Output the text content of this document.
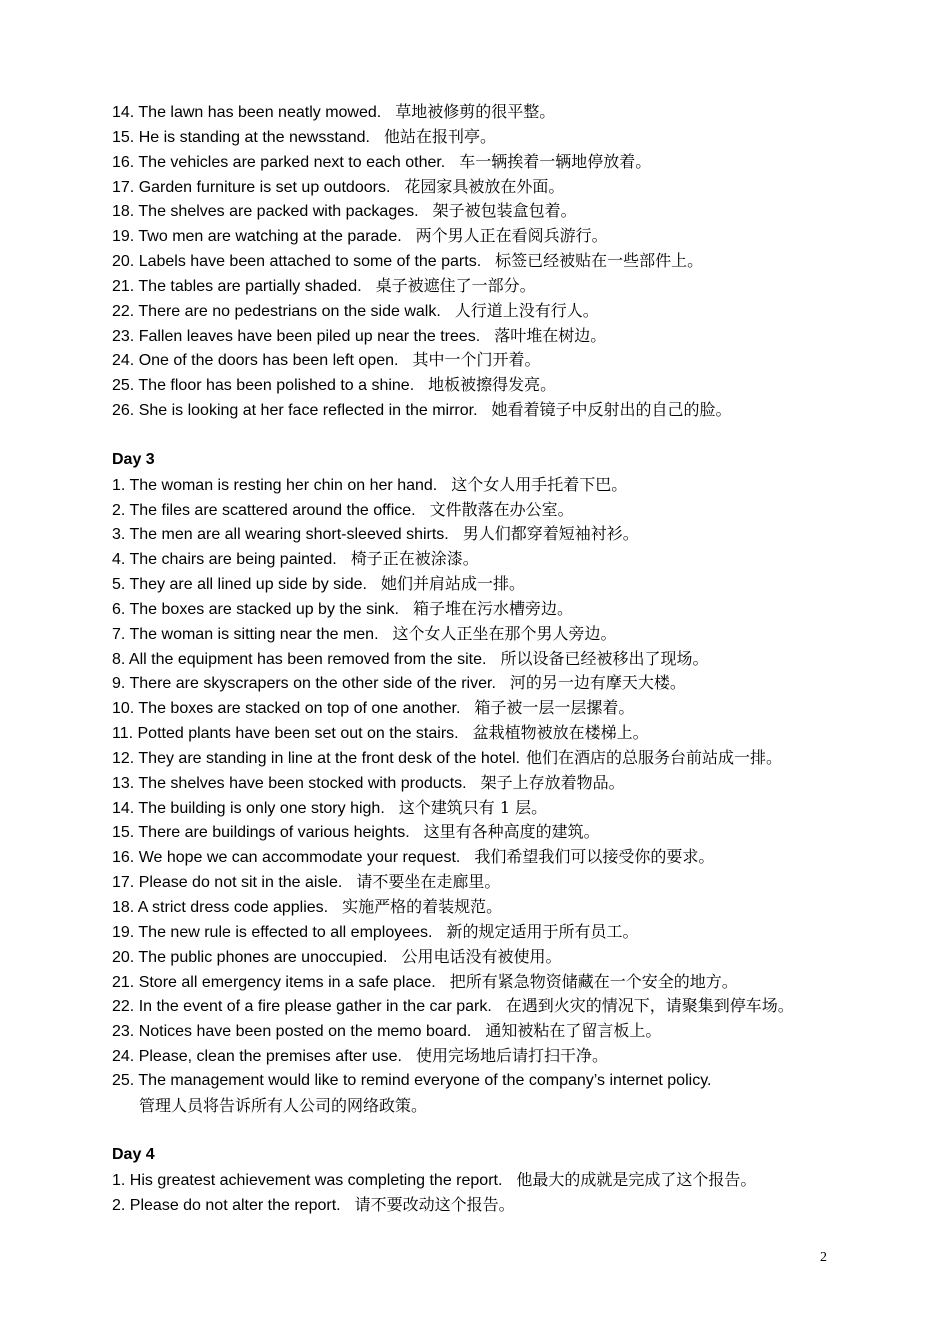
14. The lawn has been neatly mowed. 草地被修剪的很平整。
15. He is standing at the newsstand. 他站在报刊亭。
16. The vehicles are parked next to each other. 车一辆挨着一辆地停放着。
17. Garden furniture is set up outdoors. 花园家具被放在外面。
18. The shelves are packed with packages. 架子被包装盒包着。
19. Two men are watching at the parade. 两个男人正在看阅兵游行。
20. Labels have been attached to some of the parts. 标签已经被贴在一些部件上。
21. The tables are partially shaded. 桌子被遮住了一部分。
22. There are no pedestrians on the side walk. 人行道上没有行人。
23. Fallen leaves have been piled up near the trees. 落叶堆在树边。
24. One of the doors has been left open. 其中一个门开着。
25. The floor has been polished to a shine. 地板被擦得发亮。
26. She is looking at her face reflected in the mirror. 她看着镜子中反射出的自己的脸。
Day 3
1. The woman is resting her chin on her hand. 这个女人用手托着下巴。
2. The files are scattered around the office. 文件散落在办公室。
3. The men are all wearing short-sleeved shirts. 男人们都穿着短袖衬衫。
4. The chairs are being painted. 椅子正在被涂漆。
5. They are all lined up side by side. 她们并肩站成一排。
6. The boxes are stacked up by the sink. 箱子堆在污水槽旁边。
7. The woman is sitting near the men. 这个女人正坐在那个男人旁边。
8. All the equipment has been removed from the site. 所以设备已经被移出了现场。
9. There are skyscrapers on the other side of the river. 河的另一边有摩天大楼。
10. The boxes are stacked on top of one another. 箱子被一层一层摞着。
11. Potted plants have been set out on the stairs. 盆栽植物被放在楼梯上。
12. They are standing in line at the front desk of the hotel. 他们在酒店的总服务台前站成一排。
13. The shelves have been stocked with products. 架子上存放着物品。
14. The building is only one story high. 这个建筑只有 1 层。
15. There are buildings of various heights. 这里有各种高度的建筑。
16. We hope we can accommodate your request. 我们希望我们可以接受你的要求。
17. Please do not sit in the aisle. 请不要坐在走廊里。
18. A strict dress code applies. 实施严格的着装规范。
19. The new rule is effected to all employees. 新的规定适用于所有员工。
20. The public phones are unoccupied. 公用电话没有被使用。
21. Store all emergency items in a safe place. 把所有紧急物资储藏在一个安全的地方。
22. In the event of a fire please gather in the car park. 在遇到火灾的情况下，请聚集到停车场。
23. Notices have been posted on the memo board. 通知被粘在了留言板上。
24. Please, clean the premises after use. 使用完场地后请打扫干净。
25. The management would like to remind everyone of the company’s internet policy.
管理人员将告诉所有人公司的网络政策。
Day 4
1. His greatest achievement was completing the report. 他最大的成就是完成了这个报告。
2. Please do not alter the report. 请不要改动这个报告。
2
